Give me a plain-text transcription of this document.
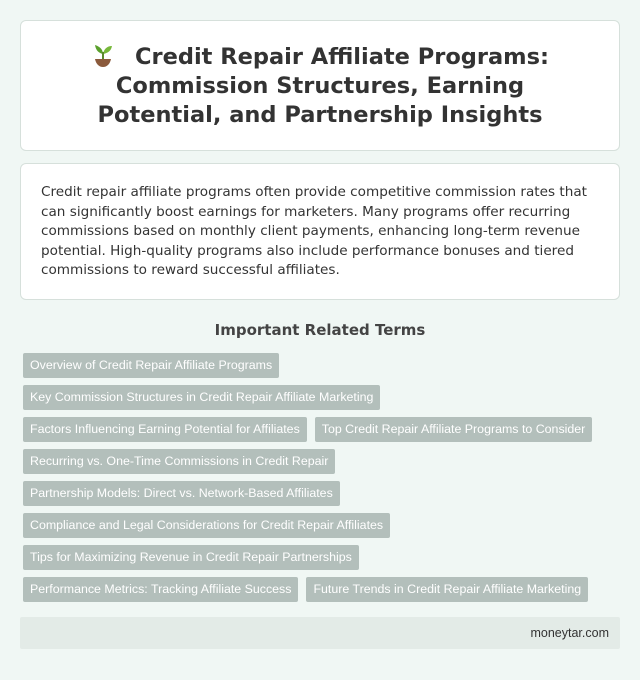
Credit Repair Affiliate Programs: Commission Structures, Earning Potential, and Partnership Insights

Credit repair affiliate programs often provide competitive commission rates that can significantly boost earnings for marketers. Many programs offer recurring commissions based on monthly client payments, enhancing long-term revenue potential. High-quality programs also include performance bonuses and tiered commissions to reward successful affiliates.

Important Related Terms
Overview of Credit Repair Affiliate Programs
Key Commission Structures in Credit Repair Affiliate Marketing
Factors Influencing Earning Potential for Affiliates	Top Credit Repair Affiliate Programs to Consider
Recurring vs. One-Time Commissions in Credit Repair
Partnership Models: Direct vs. Network-Based Affiliates
Compliance and Legal Considerations for Credit Repair Affiliates
Tips for Maximizing Revenue in Credit Repair Partnerships
Performance Metrics: Tracking Affiliate Success	Future Trends in Credit Repair Affiliate Marketing
moneytar.com
